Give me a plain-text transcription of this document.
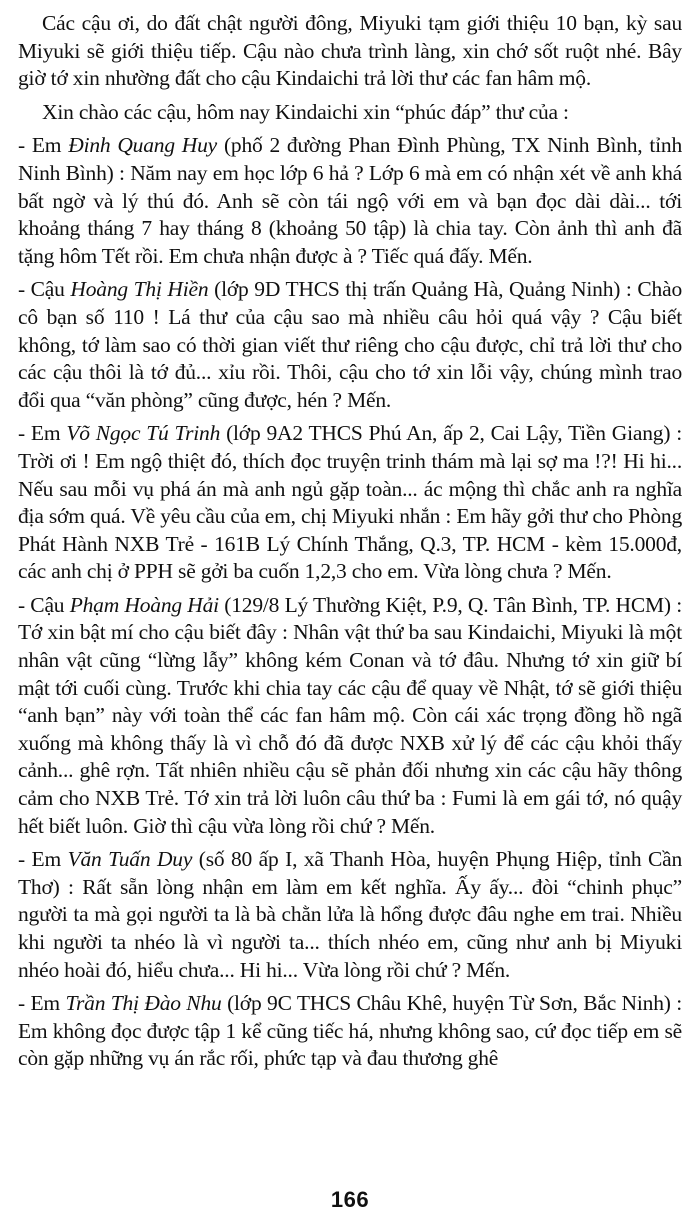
Các cậu ơi, do đất chật người đông, Miyuki tạm giới thiệu 10 bạn, kỳ sau Miyuki sẽ giới thiệu tiếp. Cậu nào chưa trình làng, xin chớ sốt ruột nhé. Bây giờ tớ xin nhường đất cho cậu Kindaichi trả lời thư các fan hâm mộ.

Xin chào các cậu, hôm nay Kindaichi xin “phúc đáp” thư của :

- Em Đinh Quang Huy (phố 2 đường Phan Đình Phùng, TX Ninh Bình, tỉnh Ninh Bình) : Năm nay em học lớp 6 hả ? Lớp 6 mà em có nhận xét về anh khá bất ngờ và lý thú đó. Anh sẽ còn tái ngộ với em và bạn đọc dài dài... tới khoảng tháng 7 hay tháng 8 (khoảng 50 tập) là chia tay. Còn ảnh thì anh đã tặng hôm Tết rồi. Em chưa nhận được à ? Tiếc quá đấy. Mến.

- Cậu Hoàng Thị Hiền (lớp 9D THCS thị trấn Quảng Hà, Quảng Ninh) : Chào cô bạn số 110 ! Lá thư của cậu sao mà nhiều câu hỏi quá vậy ? Cậu biết không, tớ làm sao có thời gian viết thư riêng cho cậu được, chỉ trả lời thư cho các cậu thôi là tớ đủ... xỉu rồi. Thôi, cậu cho tớ xin lỗi vậy, chúng mình trao đổi qua “văn phòng” cũng được, hén ? Mến.

- Em Võ Ngọc Tú Trinh (lớp 9A2 THCS Phú An, ấp 2, Cai Lậy, Tiền Giang) : Trời ơi ! Em ngộ thiệt đó, thích đọc truyện trinh thám mà lại sợ ma !?! Hi hi... Nếu sau mỗi vụ phá án mà anh ngủ gặp toàn... ác mộng thì chắc anh ra nghĩa địa sớm quá. Về yêu cầu của em, chị Miyuki nhắn : Em hãy gởi thư cho Phòng Phát Hành NXB Trẻ - 161B Lý Chính Thắng, Q.3, TP. HCM - kèm 15.000đ, các anh chị ở PPH sẽ gởi ba cuốn 1,2,3 cho em. Vừa lòng chưa ? Mến.

- Cậu Phạm Hoàng Hải (129/8 Lý Thường Kiệt, P.9, Q. Tân Bình, TP. HCM) : Tớ xin bật mí cho cậu biết đây : Nhân vật thứ ba sau Kindaichi, Miyuki là một nhân vật cũng “lừng lẫy” không kém Conan và tớ đâu. Nhưng tớ xin giữ bí mật tới cuối cùng. Trước khi chia tay các cậu để quay về Nhật, tớ sẽ giới thiệu “anh bạn” này với toàn thể các fan hâm mộ. Còn cái xác trọng đồng hồ ngã xuống mà không thấy là vì chỗ đó đã được NXB xử lý để các cậu khỏi thấy cảnh... ghê rợn. Tất nhiên nhiều cậu sẽ phản đối nhưng xin các cậu hãy thông cảm cho NXB Trẻ. Tớ xin trả lời luôn câu thứ ba : Fumi là em gái tớ, nó quậy hết biết luôn. Giờ thì cậu vừa lòng rồi chứ ? Mến.

- Em Văn Tuấn Duy (số 80 ấp I, xã Thanh Hòa, huyện Phụng Hiệp, tỉnh Cần Thơ) : Rất sẵn lòng nhận em làm em kết nghĩa. Ấy ấy... đòi “chinh phục” người ta mà gọi người ta là bà chằn lửa là hổng được đâu nghe em trai. Nhiều khi người ta nhéo là vì người ta... thích nhéo em, cũng như anh bị Miyuki nhéo hoài đó, hiểu chưa... Hi hi... Vừa lòng rồi chứ ? Mến.

- Em Trần Thị Đào Nhu (lớp 9C THCS Châu Khê, huyện Từ Sơn, Bắc Ninh) : Em không đọc được tập 1 kể cũng tiếc há, nhưng không sao, cứ đọc tiếp em sẽ còn gặp những vụ án rắc rối, phức tạp và đau thương ghê

166
